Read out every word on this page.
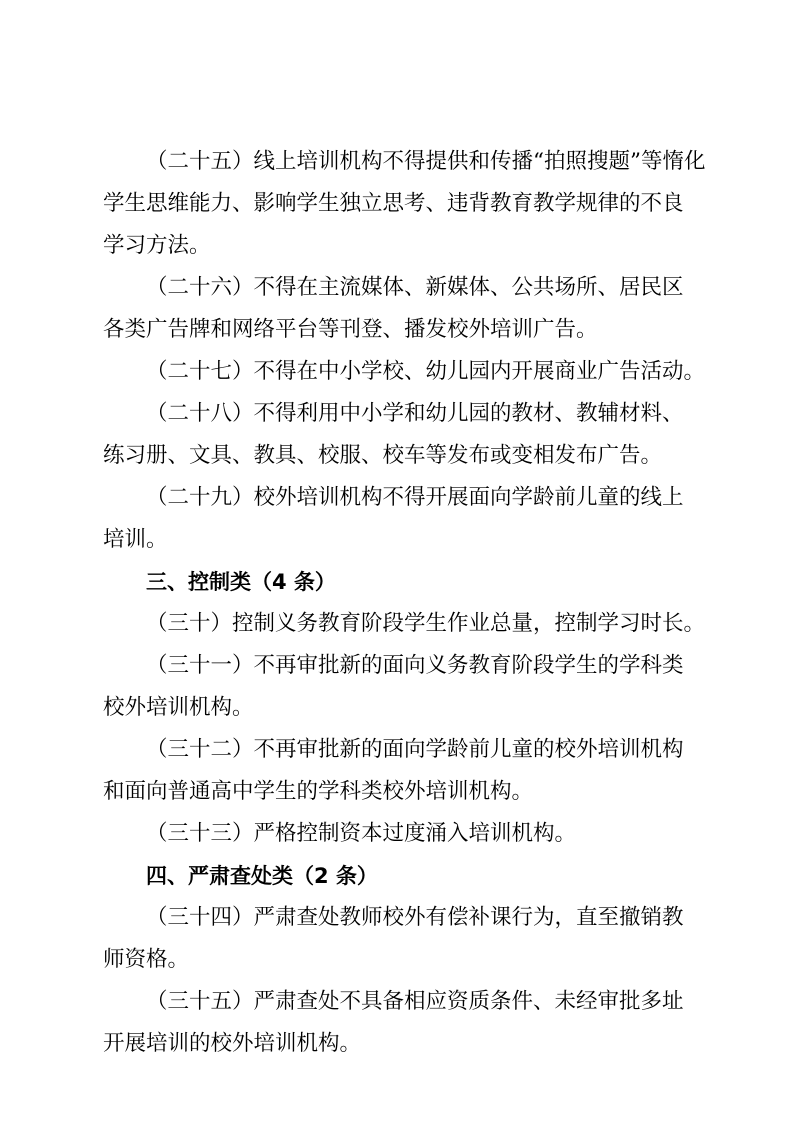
（二十五）线上培训机构不得提供和传播“拍照搜题”等惰化
学生思维能力、影响学生独立思考、违背教育教学规律的不良
学习方法。
（二十六）不得在主流媒体、新媒体、公共场所、居民区
各类广告牌和网络平台等刊登、播发校外培训广告。
（二十七）不得在中小学校、幼儿园内开展商业广告活动。
（二十八）不得利用中小学和幼儿园的教材、教辅材料、
练习册、文具、教具、校服、校车等发布或变相发布广告。
（二十九）校外培训机构不得开展面向学龄前儿童的线上
培训。
三、控制类（4 条）
（三十）控制义务教育阶段学生作业总量，控制学习时长。
（三十一）不再审批新的面向义务教育阶段学生的学科类
校外培训机构。
（三十二）不再审批新的面向学龄前儿童的校外培训机构
和面向普通高中学生的学科类校外培训机构。
（三十三）严格控制资本过度涌入培训机构。
四、严肃查处类（2 条）
（三十四）严肃查处教师校外有偿补课行为，直至撤销教
师资格。
（三十五）严肃查处不具备相应资质条件、未经审批多址
开展培训的校外培训机构。
